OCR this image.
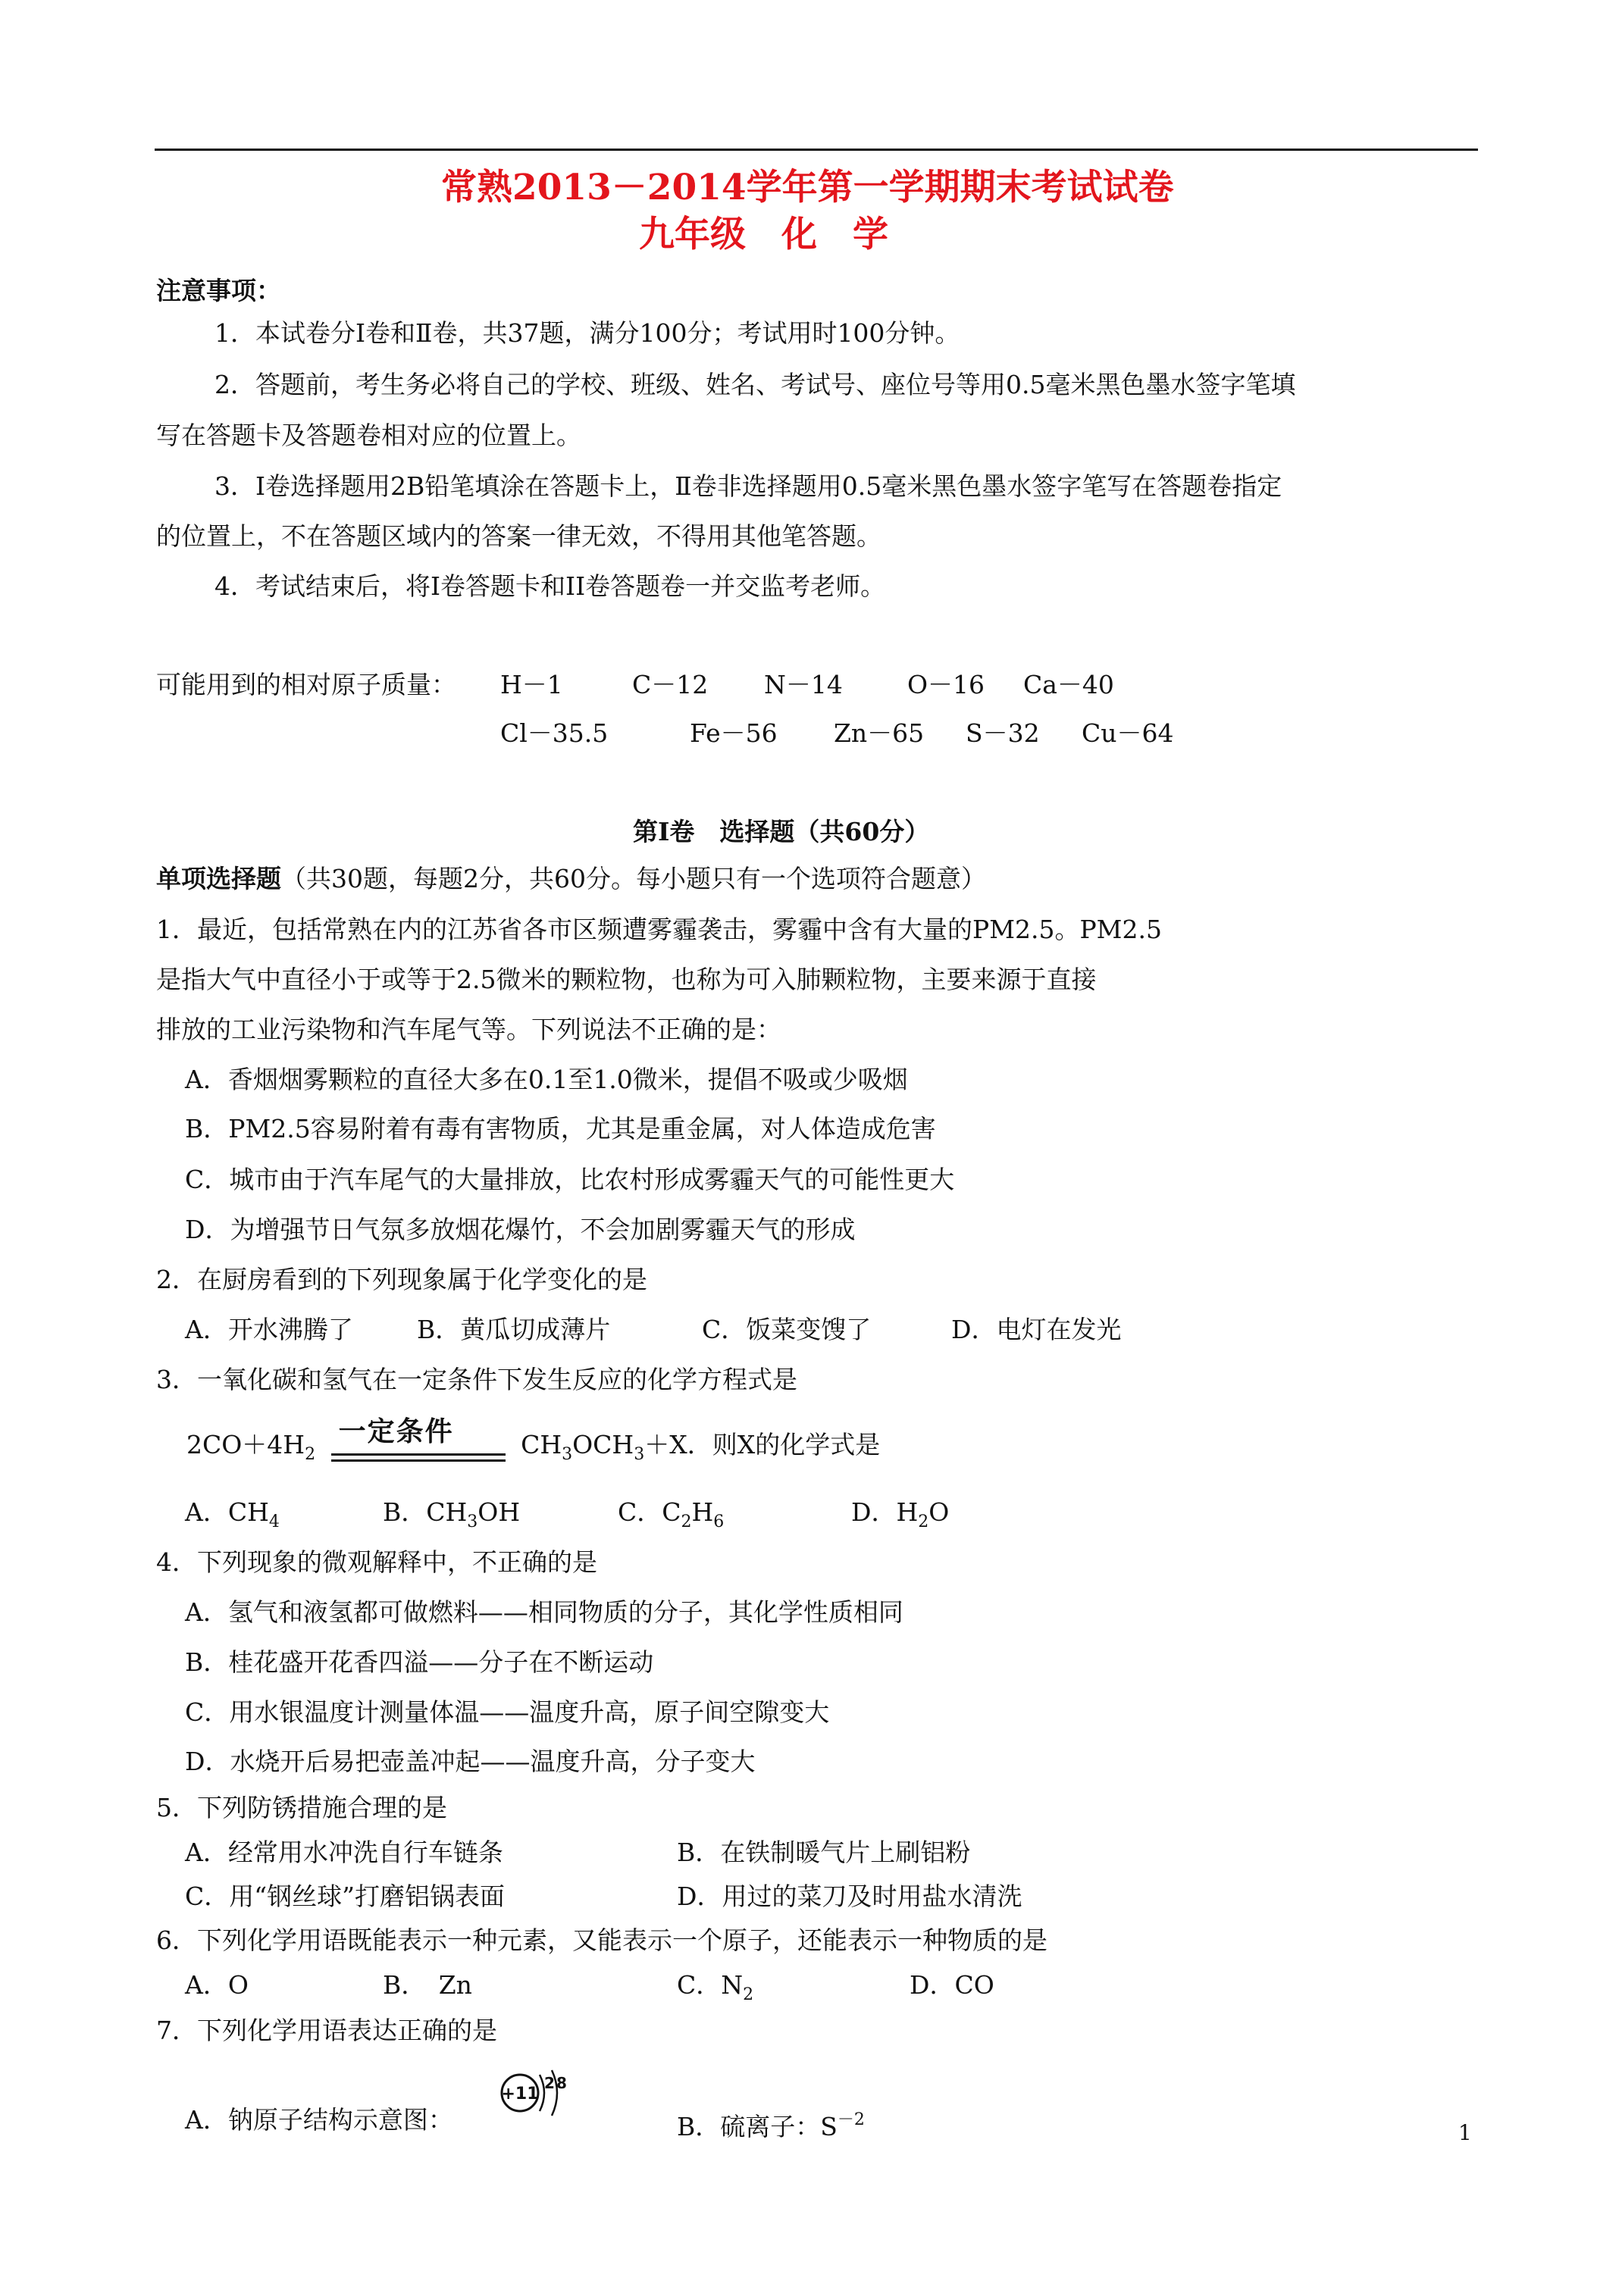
常熟2013－2014学年第一学期期末考试试卷
九年级　化　学
注意事项：
1．本试卷分Ⅰ卷和Ⅱ卷，共37题，满分100分；考试用时100分钟。
2．答题前，考生务必将自己的学校、班级、姓名、考试号、座位号等用0.5毫米黑色墨水签字笔填
写在答题卡及答题卷相对应的位置上。
3．Ⅰ卷选择题用2B铅笔填涂在答题卡上，Ⅱ卷非选择题用0.5毫米黑色墨水签字笔写在答题卷指定
的位置上，不在答题区域内的答案一律无效，不得用其他笔答题。
4．考试结束后，将Ⅰ卷答题卡和II卷答题卷一并交监考老师。
可能用到的相对原子质量： H－1	C－12 N－14	O－16 Ca－40
Cl－35.5	Fe－56 Zn－65 S－32 Cu－64
第Ⅰ卷　选择题（共60分）
单项选择题（共30题，每题2分，共60分。每小题只有一个选项符合题意）
1．最近，包括常熟在内的江苏省各市区频遭雾霾袭击，雾霾中含有大量的PM2.5。PM2.5
是指大气中直径小于或等于2.5微米的颗粒物，也称为可入肺颗粒物，主要来源于直接
排放的工业污染物和汽车尾气等。下列说法不正确的是：
A．香烟烟雾颗粒的直径大多在0.1至1.0微米，提倡不吸或少吸烟
B．PM2.5容易附着有毒有害物质，尤其是重金属，对人体造成危害
C．城市由于汽车尾气的大量排放，比农村形成雾霾天气的可能性更大
D．为增强节日气氛多放烟花爆竹，不会加剧雾霾天气的形成
2．在厨房看到的下列现象属于化学变化的是
A．开水沸腾了	B．黄瓜切成薄片	C．饭菜变馊了	D．电灯在发光
3．一氧化碳和氢气在一定条件下发生反应的化学方程式是
$2CO+4H_2$
一定条件	$CH_3OCH_3+X$．则X的化学式是
A．$CH_4$	B．$CH_3OH$	C．$C_2H_6$	D．$H_2O$
4．下列现象的微观解释中，不正确的是
A．氢气和液氢都可做燃料——相同物质的分子，其化学性质相同
B．桂花盛开花香四溢——分子在不断运动
C．用水银温度计测量体温——温度升高，原子间空隙变大
D．水烧开后易把壶盖冲起——温度升高，分子变大
5．下列防锈措施合理的是
A．经常用水冲洗自行车链条	B．在铁制暖气片上刷铝粉
C．用“钢丝球”打磨铝锅表面	D．用过的菜刀及时用盐水清洗
6．下列化学用语既能表示一种元素，又能表示一个原子，还能表示一种物质的是
A．O	B．　Zn	C．$N_2$	D．CO
7．下列化学用语表达正确的是
+11
2 8
A．钠原子结构示意图：	B．硫离子：$S^{-2}$
1
